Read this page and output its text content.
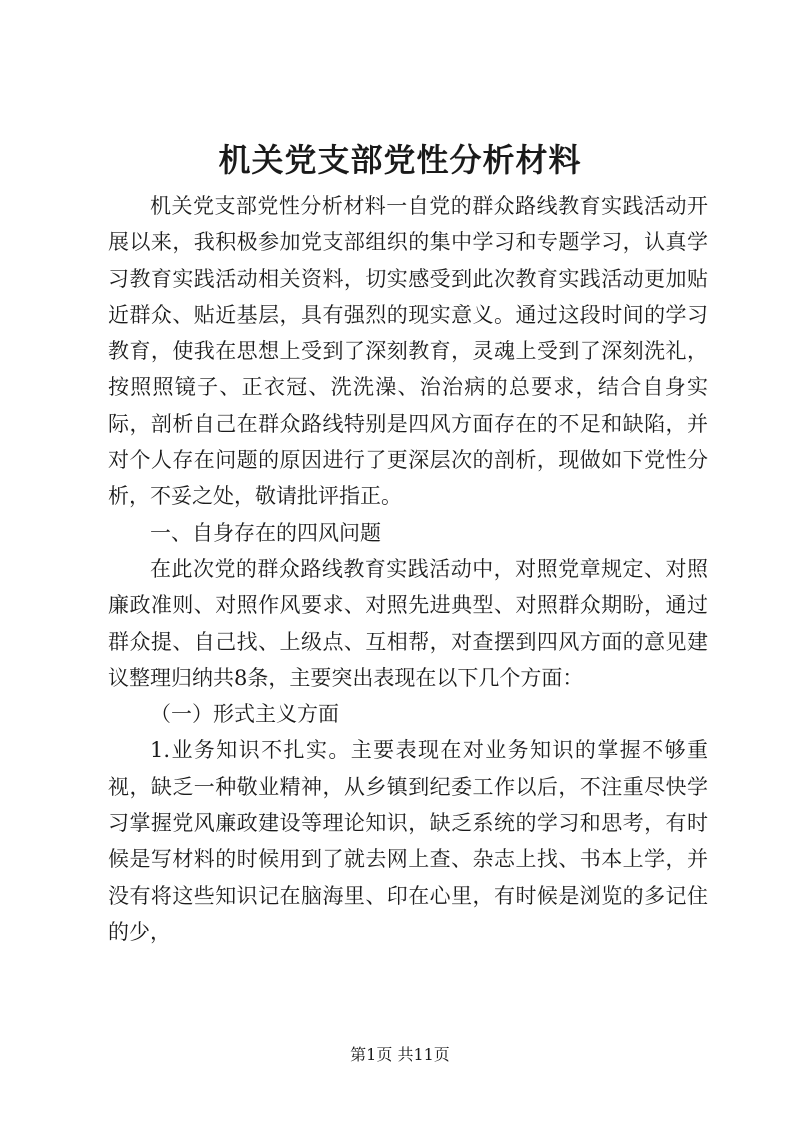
机关党支部党性分析材料

机关党支部党性分析材料一自党的群众路线教育实践活动开展以来，我积极参加党支部组织的集中学习和专题学习，认真学习教育实践活动相关资料，切实感受到此次教育实践活动更加贴近群众、贴近基层，具有强烈的现实意义。通过这段时间的学习教育，使我在思想上受到了深刻教育，灵魂上受到了深刻洗礼，按照照镜子、正衣冠、洗洗澡、治治病的总要求，结合自身实际，剖析自己在群众路线特别是四风方面存在的不足和缺陷，并对个人存在问题的原因进行了更深层次的剖析，现做如下党性分析，不妥之处，敬请批评指正。

一、自身存在的四风问题

在此次党的群众路线教育实践活动中，对照党章规定、对照廉政准则、对照作风要求、对照先进典型、对照群众期盼，通过群众提、自己找、上级点、互相帮，对查摆到四风方面的意见建议整理归纳共8条，主要突出表现在以下几个方面：

（一）形式主义方面

1.业务知识不扎实。主要表现在对业务知识的掌握不够重视，缺乏一种敬业精神，从乡镇到纪委工作以后，不注重尽快学习掌握党风廉政建设等理论知识，缺乏系统的学习和思考，有时候是写材料的时候用到了就去网上查、杂志上找、书本上学，并没有将这些知识记在脑海里、印在心里，有时候是浏览的多记住的少，

第1页 共11页
